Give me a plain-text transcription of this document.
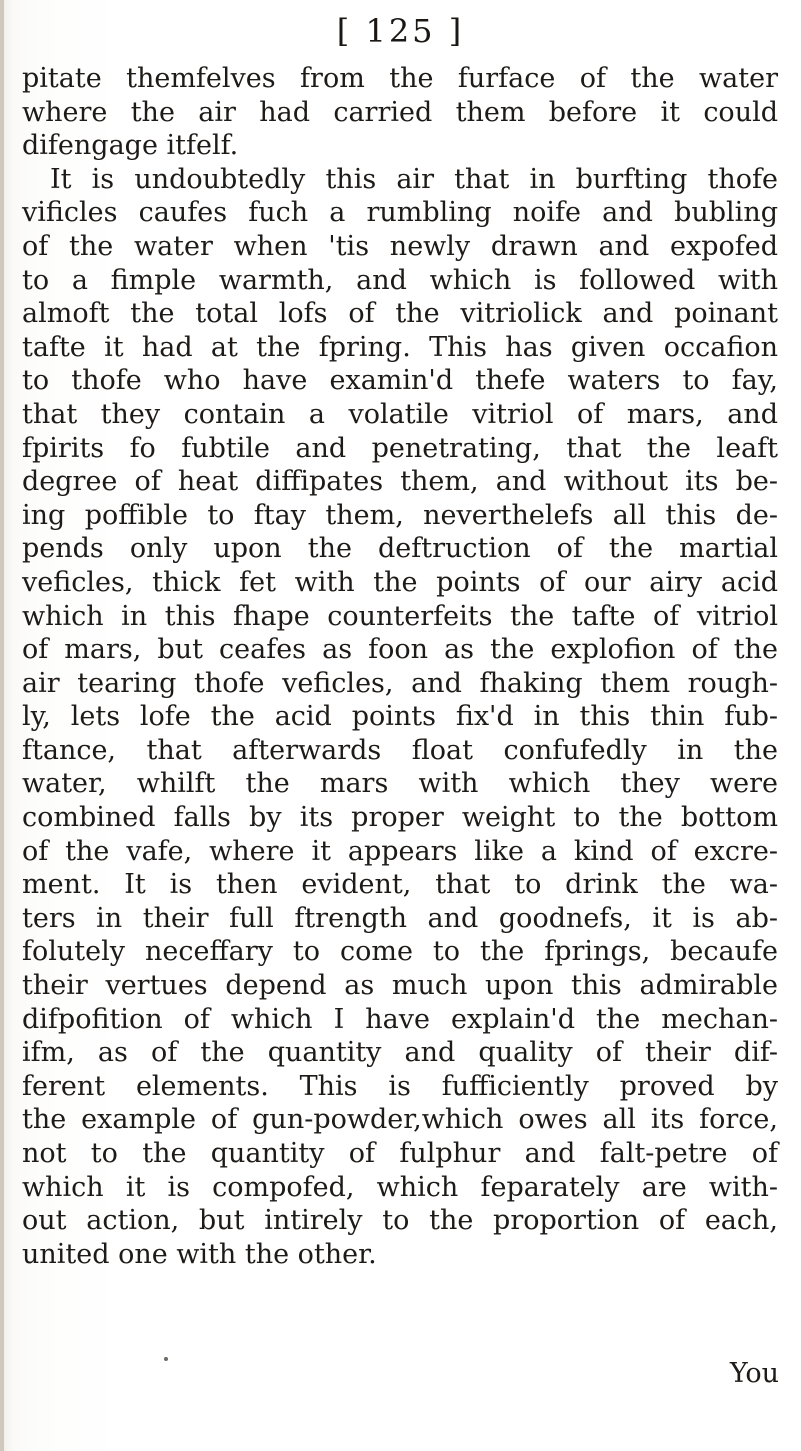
[ 125 ]
pitate themfelves from the furface of the water
where the air had carried them before it could
difengage itfelf.
It is undoubtedly this air that in burfting thofe
vificles caufes fuch a rumbling noife and bubling
of the water when 'tis newly drawn and expofed
to a fimple warmth, and which is followed with
almoft the total lofs of the vitriolick and poinant
tafte it had at the fpring. This has given occafion
to thofe who have examin'd thefe waters to fay,
that they contain a volatile vitriol of mars, and
fpirits fo fubtile and penetrating, that the leaft
degree of heat diffipates them, and without its be-
ing poffible to ftay them, neverthelefs all this de-
pends only upon the deftruction of the martial
veficles, thick fet with the points of our airy acid
which in this fhape counterfeits the tafte of vitriol
of mars, but ceafes as foon as the explofion of the
air tearing thofe veficles, and fhaking them rough-
ly, lets lofe the acid points fix'd in this thin fub-
ftance, that afterwards float confufedly in the
water, whilft the mars with which they were
combined falls by its proper weight to the bottom
of the vafe, where it appears like a kind of excre-
ment. It is then evident, that to drink the wa-
ters in their full ftrength and goodnefs, it is ab-
folutely neceffary to come to the fprings, becaufe
their vertues depend as much upon this admirable
difpofition of which I have explain'd the mechan-
ifm, as of the quantity and quality of their dif-
ferent elements. This is fufficiently proved by
the example of gun-powder,which owes all its force,
not to the quantity of fulphur and falt-petre of
which it is compofed, which feparately are with-
out action, but intirely to the proportion of each,
united one with the other.
You
